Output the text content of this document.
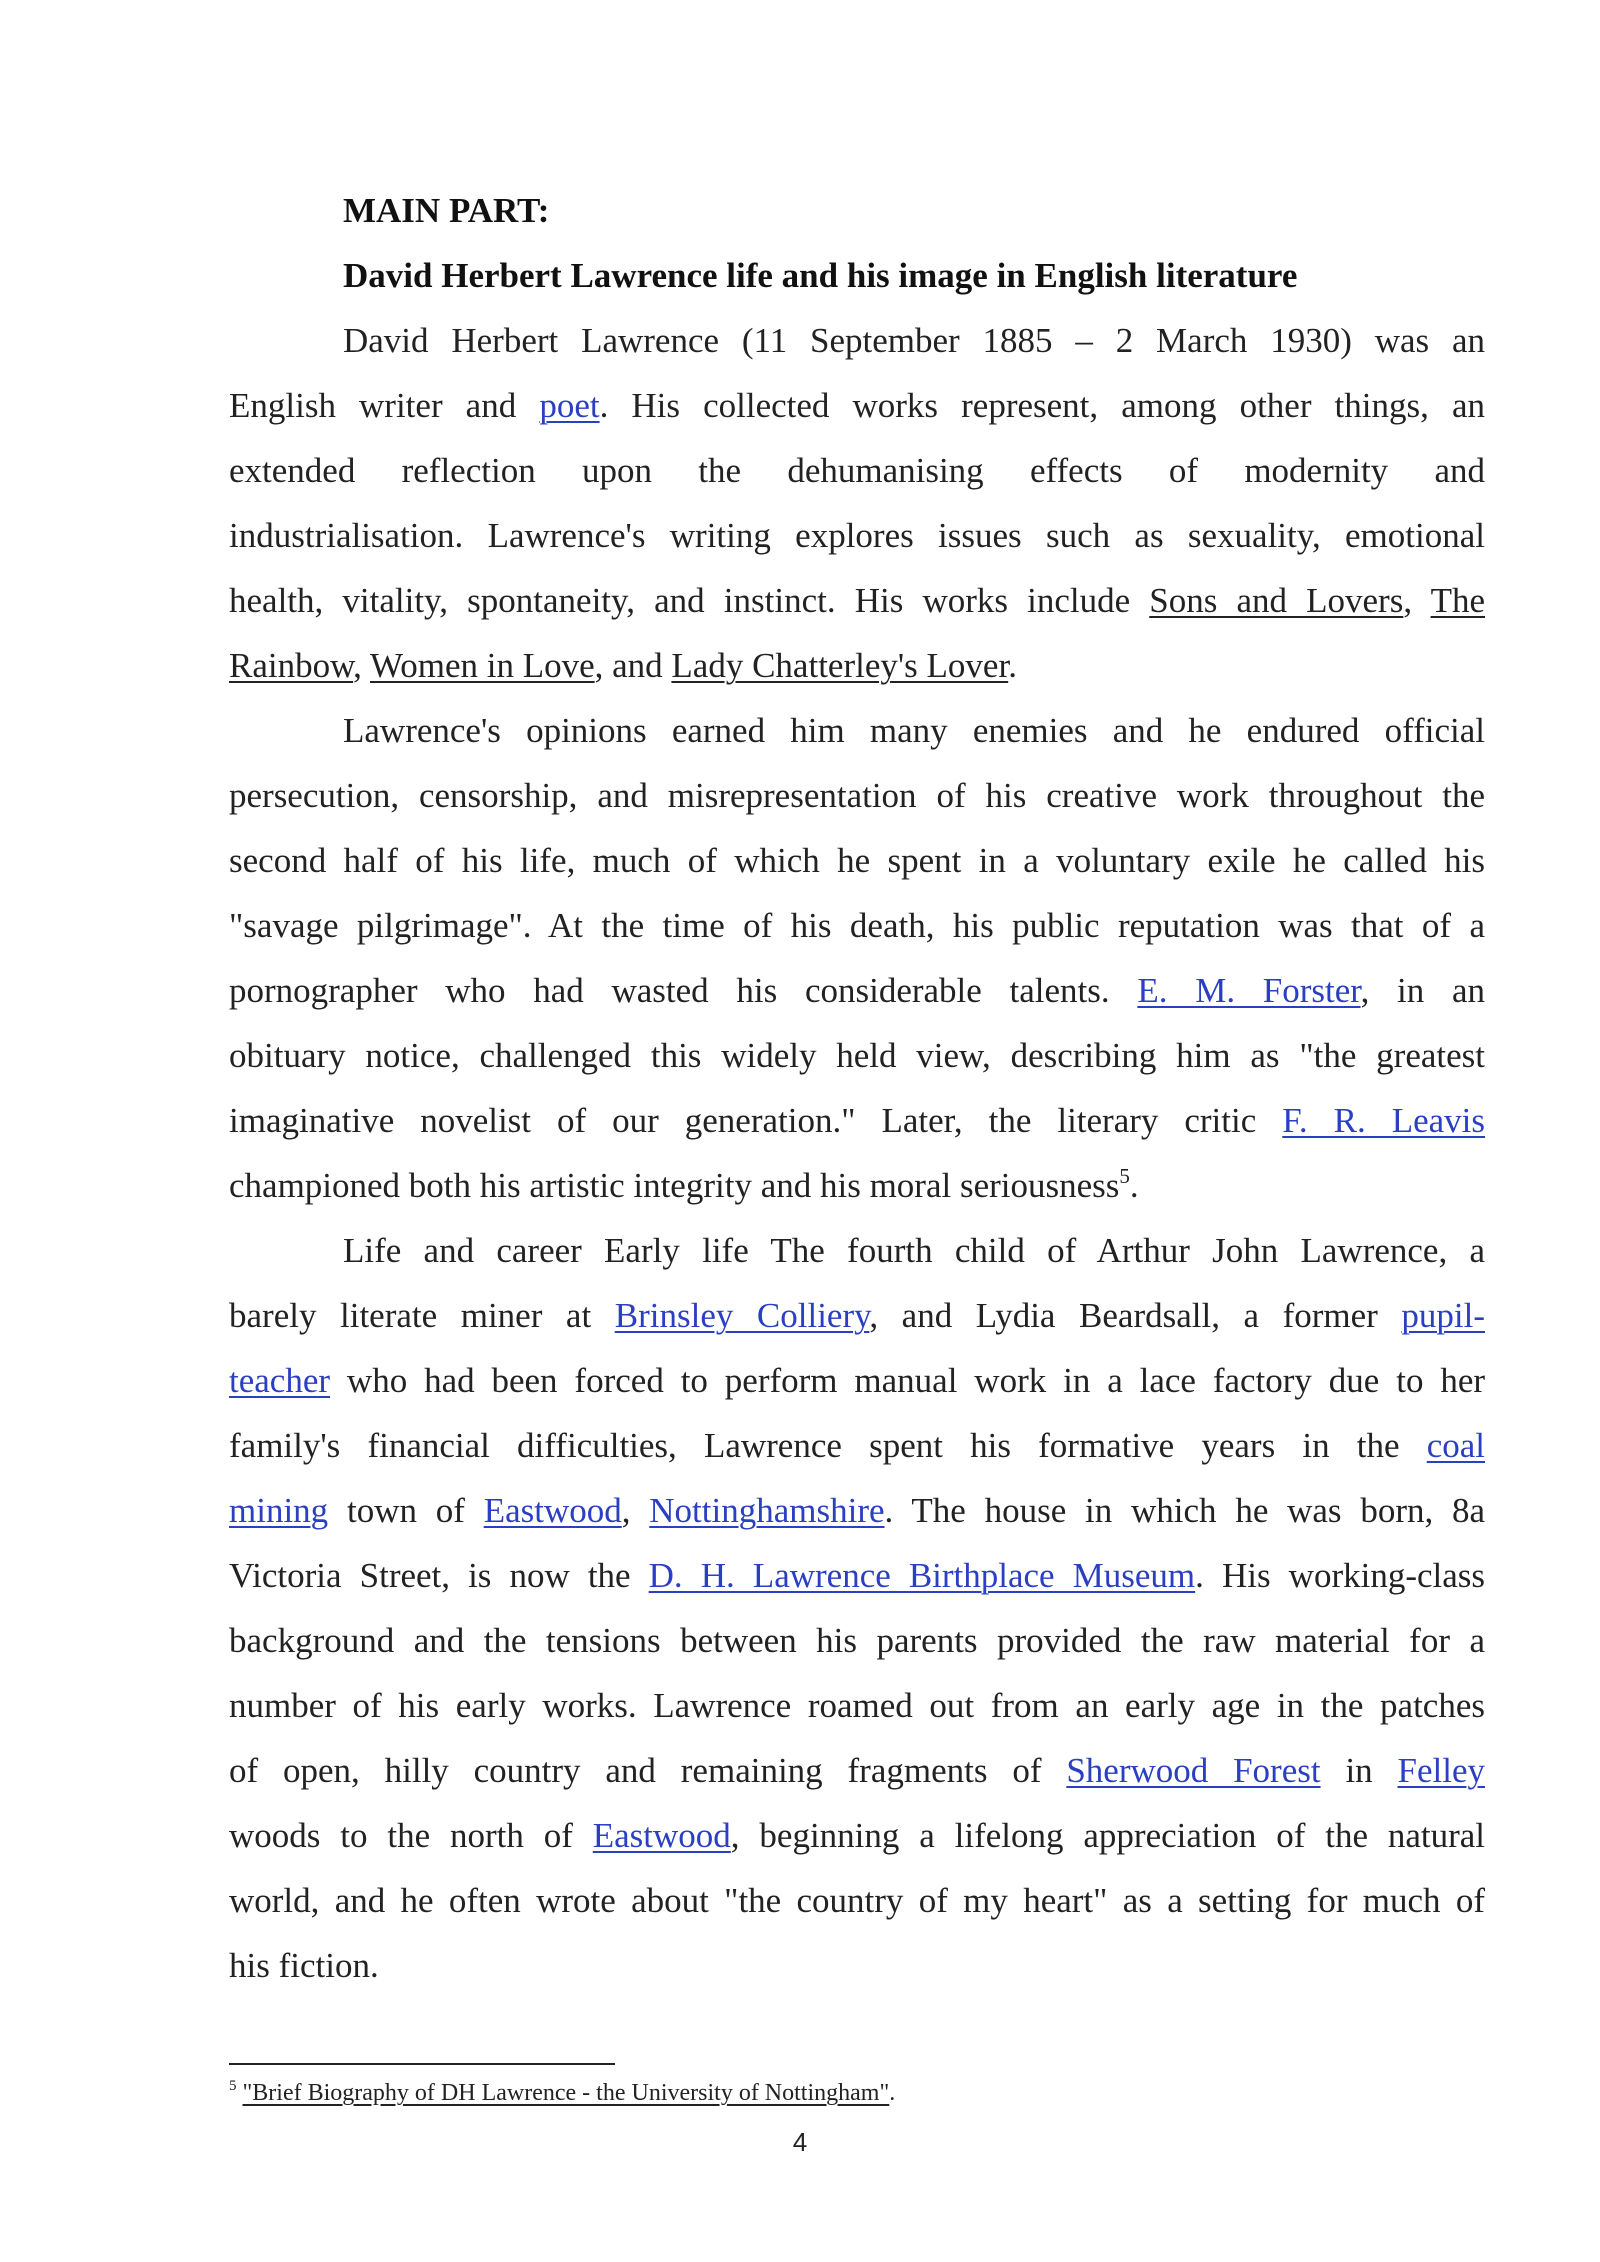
MAIN PART:
David Herbert Lawrence life and his image in English literature
David Herbert Lawrence (11 September 1885 – 2 March 1930) was an
English writer and poet. His collected works represent, among other things, an
extended reflection upon the dehumanising effects of modernity and
industrialisation. Lawrence's writing explores issues such as sexuality, emotional
health, vitality, spontaneity, and instinct. His works include Sons and Lovers, The
Rainbow, Women in Love, and Lady Chatterley's Lover.
Lawrence's opinions earned him many enemies and he endured official
persecution, censorship, and misrepresentation of his creative work throughout the
second half of his life, much of which he spent in a voluntary exile he called his
"savage pilgrimage". At the time of his death, his public reputation was that of a
pornographer who had wasted his considerable talents. E. M. Forster, in an
obituary notice, challenged this widely held view, describing him as "the greatest
imaginative novelist of our generation." Later, the literary critic F. R. Leavis
championed both his artistic integrity and his moral seriousness$^5$.
Life and career Early life The fourth child of Arthur John Lawrence, a
barely literate miner at Brinsley Colliery, and Lydia Beardsall, a former pupil-
teacher who had been forced to perform manual work in a lace factory due to her
family's financial difficulties, Lawrence spent his formative years in the coal
mining town of Eastwood, Nottinghamshire. The house in which he was born, 8a
Victoria Street, is now the D. H. Lawrence Birthplace Museum. His working-class
background and the tensions between his parents provided the raw material for a
number of his early works. Lawrence roamed out from an early age in the patches
of open, hilly country and remaining fragments of Sherwood Forest in Felley
woods to the north of Eastwood, beginning a lifelong appreciation of the natural
world, and he often wrote about "the country of my heart" as a setting for much of
his fiction.
$^5$ "Brief Biography of DH Lawrence - the University of Nottingham".
4
